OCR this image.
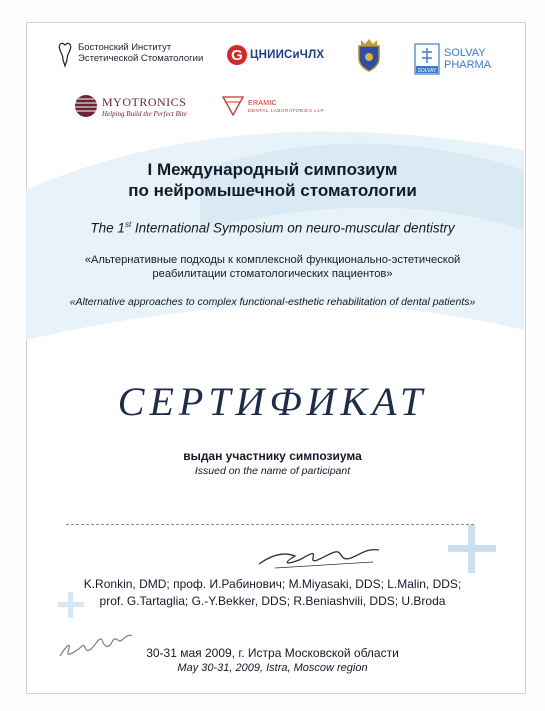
Бостонский Институт
Эстетической Стоматологии G ЦНИИСиЧЛХ
SOLVAY
SOLVAY
PHARMA
MYOTRONICS
Helping Build the Perfect Bite
ERAMIC
DENTAL LABORATORIES LLP
I Международный симпозиум
по нейромышечной стоматологии
The 1st International Symposium on neuro-muscular dentistry
«Альтернативные подходы к комплексной функционально-эстетической
реабилитации стоматологических пациентов»
«Alternative approaches to complex functional-esthetic rehabilitation of dental patients»
СЕРТИФИКАТ
выдан участнику симпозиума
Issued on the name of participant
K.Ronkin, DMD; проф. И.Рабинович; M.Miyasaki, DDS; L.Malin, DDS;
prof. G.Tartaglia; G.-Y.Bekker, DDS; R.Beniashvili, DDS; U.Broda
30-31 мая 2009, г. Истра Московской области
May 30-31, 2009, Istra, Moscow region
